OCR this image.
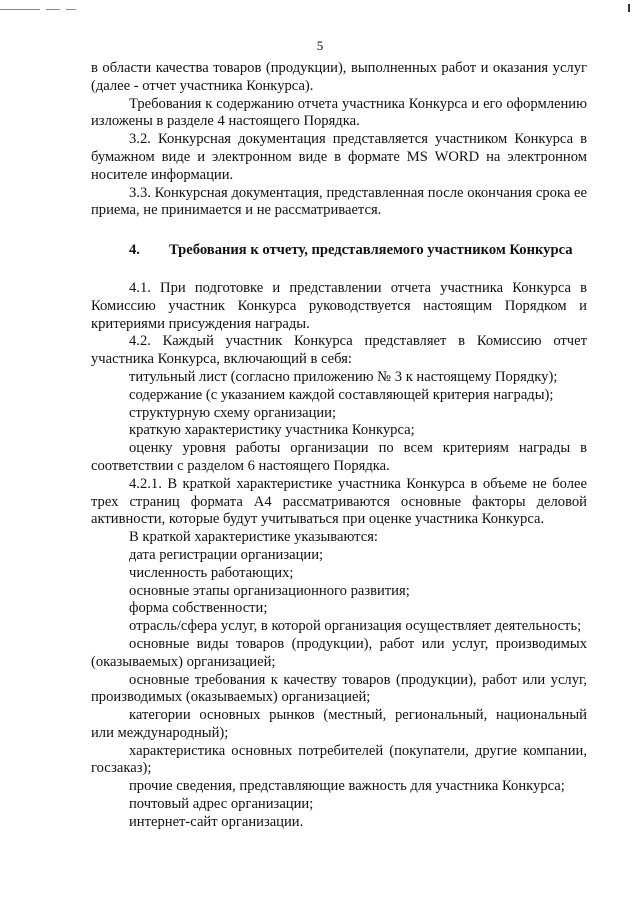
5

в области качества товаров (продукции), выполненных работ и оказания услуг (далее - отчет участника Конкурса).

Требования к содержанию отчета участника Конкурса и его оформлению изложены в разделе 4 настоящего Порядка.

3.2. Конкурсная документация представляется участником Конкурса в бумажном виде и электронном виде в формате MS WORD на электронном носителе информации.

3.3. Конкурсная документация, представленная после окончания срока ее приема, не принимается и не рассматривается.

4.	Требования к отчету, представляемого участником Конкурса

4.1. При подготовке и представлении отчета участника Конкурса в Комиссию участник Конкурса руководствуется настоящим Порядком и критериями присуждения награды.

4.2. Каждый участник Конкурса представляет в Комиссию отчет участника Конкурса, включающий в себя:

титульный лист (согласно приложению № 3 к настоящему Порядку);

содержание (с указанием каждой составляющей критерия награды);

структурную схему организации;

краткую характеристику участника Конкурса;

оценку уровня работы организации по всем критериям награды в соответствии с разделом 6 настоящего Порядка.

4.2.1. В краткой характеристике участника Конкурса в объеме не более трех страниц формата А4 рассматриваются основные факторы деловой активности, которые будут учитываться при оценке участника Конкурса.

В краткой характеристике указываются:

дата регистрации организации;

численность работающих;

основные этапы организационного развития;

форма собственности;

отрасль/сфера услуг, в которой организация осуществляет деятельность;

основные виды товаров (продукции), работ или услуг, производимых (оказываемых) организацией;

основные требования к качеству товаров (продукции), работ или услуг, производимых (оказываемых) организацией;

категории основных рынков (местный, региональный, национальный или международный);

характеристика основных потребителей (покупатели, другие компании, госзаказ);

прочие сведения, представляющие важность для участника Конкурса;

почтовый адрес организации;

интернет-сайт организации.
